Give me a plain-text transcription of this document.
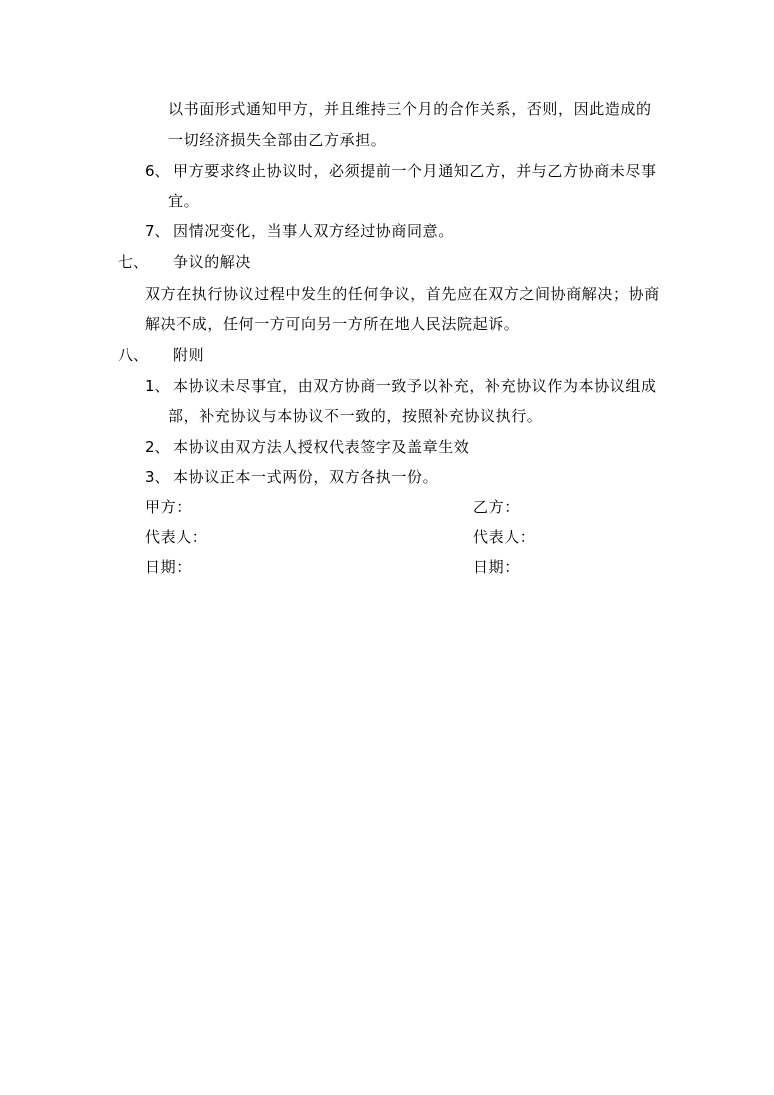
以书面形式通知甲方，并且维持三个月的合作关系，否则，因此造成的
一切经济损失全部由乙方承担。
6、 甲方要求终止协议时，必须提前一个月通知乙方，并与乙方协商未尽事
宜。
7、 因情况变化，当事人双方经过协商同意。
七、 争议的解决
双方在执行协议过程中发生的任何争议，首先应在双方之间协商解决；协商
解决不成，任何一方可向另一方所在地人民法院起诉。
八、 附则
1、 本协议未尽事宜，由双方协商一致予以补充，补充协议作为本协议组成
部，补充协议与本协议不一致的，按照补充协议执行。
2、 本协议由双方法人授权代表签字及盖章生效
3、 本协议正本一式两份，双方各执一份。
甲方：	乙方：
代表人：	代表人：
日期：	日期：
